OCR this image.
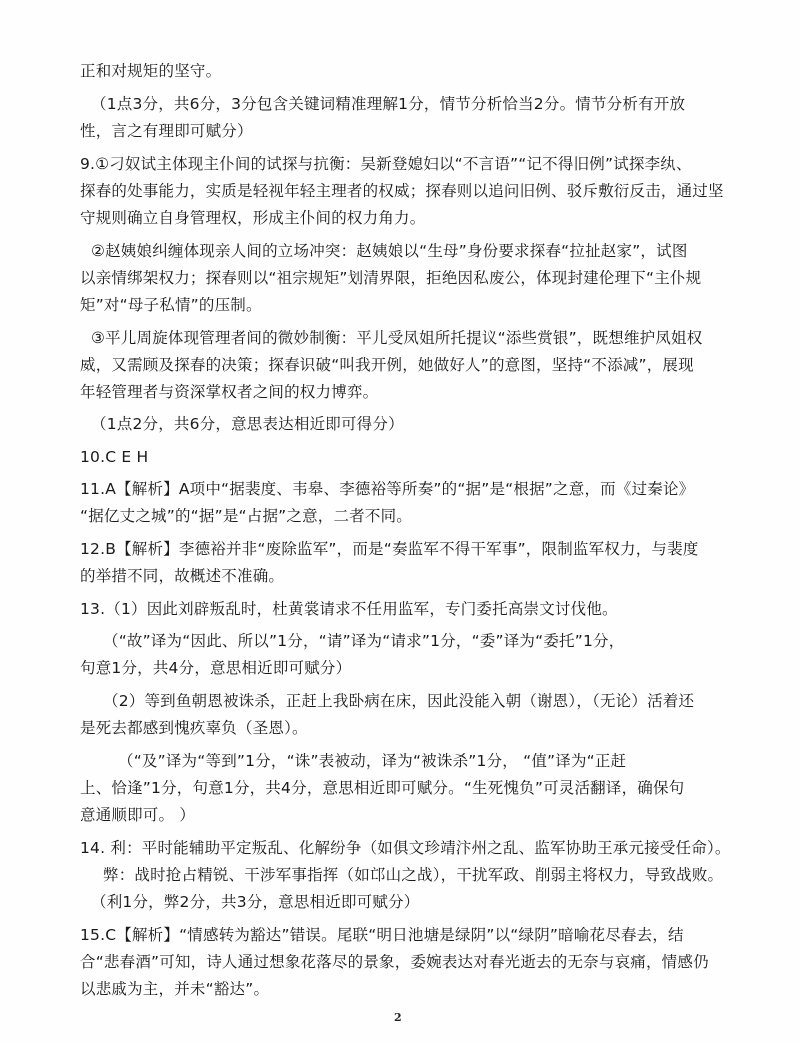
正和对规矩的坚守。

（1点3分，共6分，3分包含关键词精准理解1分，情节分析恰当2分。情节分析有开放

性，言之有理即可赋分）

9.①刁奴试主体现主仆间的试探与抗衡：吴新登媳妇以“不言语”“记不得旧例”试探李纨、

探春的处事能力，实质是轻视年轻主理者的权威；探春则以追问旧例、驳斥敷衍反击，通过坚

守规则确立自身管理权，形成主仆间的权力角力。

②赵姨娘纠缠体现亲人间的立场冲突：赵姨娘以“生母”身份要求探春“拉扯赵家”，试图

以亲情绑架权力；探春则以“祖宗规矩”划清界限，拒绝因私废公，体现封建伦理下“主仆规

矩”对“母子私情”的压制。

③平儿周旋体现管理者间的微妙制衡：平儿受凤姐所托提议“添些赏银”，既想维护凤姐权

威，又需顾及探春的决策；探春识破“叫我开例，她做好人”的意图，坚持“不添减”，展现

年轻管理者与资深掌权者之间的权力博弈。

（1点2分，共6分，意思表达相近即可得分）

10.C E H

11.A【解析】A项中“据裴度、韦皋、李德裕等所奏”的“据”是“根据”之意，而《过秦论》

“据亿丈之城”的“据”是“占据”之意，二者不同。

12.B【解析】李德裕并非“废除监军”，而是“奏监军不得干军事”，限制监军权力，与裴度

的举措不同，故概述不准确。

13.（1）因此刘辟叛乱时，杜黄裳请求不任用监军，专门委托高崇文讨伐他。

（“故”译为“因此、所以”1分，“请”译为“请求”1分，“委”译为“委托”1分，

句意1分，共4分，意思相近即可赋分）

（2）等到鱼朝恩被诛杀，正赶上我卧病在床，因此没能入朝（谢恩），（无论）活着还

是死去都感到愧疚辜负（圣恩）。

（“及”译为“等到”1分，“诛”表被动，译为“被诛杀”1分， “值”译为“正赶

上、恰逢”1分，句意1分，共4分，意思相近即可赋分。“生死愧负”可灵活翻译，确保句

意通顺即可。 ）

14. 利：平时能辅助平定叛乱、化解纷争（如俱文珍靖汴州之乱、监军协助王承元接受任命）。

弊：战时抢占精锐、干涉军事指挥（如邙山之战），干扰军政、削弱主将权力，导致战败。

（利1分，弊2分，共3分，意思相近即可赋分）

15.C【解析】“情感转为豁达”错误。尾联“明日池塘是绿阴”以“绿阴”暗喻花尽春去，结

合“悲春酒”可知，诗人通过想象花落尽的景象，委婉表达对春光逝去的无奈与哀痛，情感仍

以悲戚为主，并未“豁达”。

2
